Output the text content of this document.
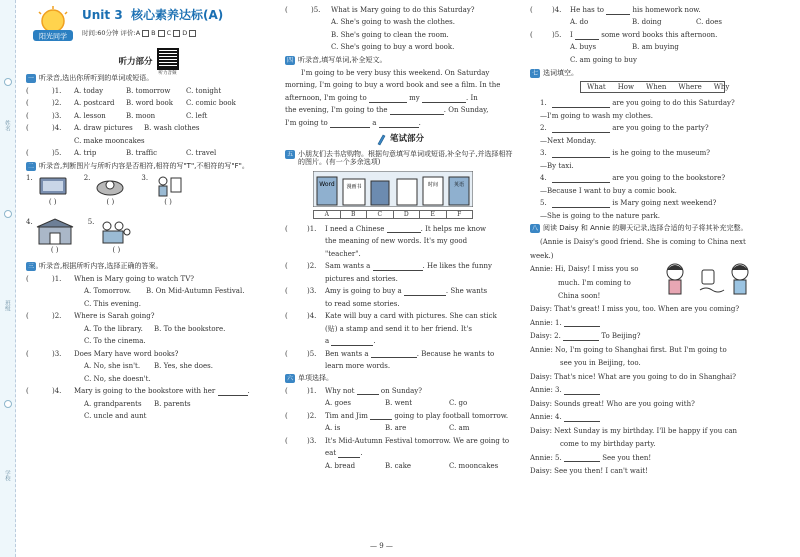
姓名
班级
学校
阳光同学
Unit 3 核心素养达标(A)
时间:60分钟 评价:A B C D
听力部分
听力音频
一 听录音,选出你所听到的单词或短语。
(	)1.	A. today	B. tomorrow	C. tonight
(	)2.	A. postcard	B. word book	C. comic book
(	)3.	A. lesson	B. moon	C. left
(	)4.	A. draw pictures	B. wash clothes
C. make mooncakes
(	)5.	A. trip	B. traffic	C. travel
二 听录音,判断图片与所听内容是否相符,相符的写"T",不相符的写"F"。
1.
( )
2.
( )
3.
( )
4.
( )
5.
( )
三 听录音,根据所听内容,选择正确的答案。
(	)1.	When is Mary going to watch TV?
A. Tomorrow.	B. On Mid-Autumn Festival.
C. This evening.
(	)2.	Where is Sarah going?
A. To the library.	B. To the bookstore.
C. To the cinema.
(	)3.	Does Mary have word books?
A. No, she isn't.	B. Yes, she does.
C. No, she doesn't.
(	)4.	Mary is going to the bookstore with her
	.
A. grandparents	B. parents
C. uncle and aunt
(	)5.	What is Mary going to do this Saturday?
A. She's going to wash the clothes.
B. She's going to clean the room.
C. She's going to buy a word book.
四 听录音,填写单词,补全短文。
I'm going to be very busy this weekend. On Saturday
morning, I'm going to buy a word book and see a film. In the
afternoon, I'm going to

	my
	. In
the evening, I'm going to the
	. On Sunday,
I'm going to

	a
	.
笔试部分
五 小朋友们去书店购物。根据句意填写单词或短语,补全句子,并选择相符的图片。(有一个多余选项)
Word 漫画书	时间	英语
A	B	C	D	E	F
(	)1.	I need a Chinese
	. It helps me know
the meaning of new words. It's my good
"teacher".
(	)2.	Sam wants a
	. He likes the funny
pictures and stories.
(	)3.	Amy is going to buy a
	. She wants
to read some stories.
(	)4.	Kate will buy a card with pictures. She can stick
(贴) a stamp and send it to her friend. It's
a
	.
(	)5.	Ben wants a
	. Because he wants to
learn more words.
六 单项选择。
(	)1.	Why not

	on Sunday?
A. goes	B. went	C. go
(	)2.	Tim and Jim

	going to play football tomorrow.
A. is	B. are	C. am
(	)3.	It's Mid-Autumn Festival tomorrow. We are going to
eat
	.
A. bread	B. cake	C. mooncakes
(	)4.	He has to

	his homework now.
A. do	B. doing	C. does
(	)5.	I

	some word books this afternoon.
A. buys	B. am buying
C. am going to buy
七 选词填空。
What How When Where Why
1.
	are you going to do this Saturday?
—I'm going to wash my clothes.
2.
	are you going to the party?
—Next Monday.
3.
	is he going to the museum?
—By taxi.
4.
	are you going to the bookstore?
—Because I want to buy a comic book.
5.
	is Mary going next weekend?
—She is going to the nature park.
八 阅读 Daisy 和 Annie 的聊天记录,选择合适的句子将其补充完整。
(Annie is Daisy's good friend. She is coming to China next
week.)
Annie: Hi, Daisy! I miss you so
much. I'm coming to
China soon!
Daisy: That's great! I miss you, too. When are you coming?
Annie: 1.

Daisy: 2.

	To Beijing?
Annie: No, I'm going to Shanghai first. But I'm going to
see you in Beijing, too.
Daisy: That's nice! What are you going to do in Shanghai?
Annie: 3.

Daisy: Sounds great! Who are you going with?
Annie: 4.

Daisy: Next Sunday is my birthday. I'll be happy if you can
come to my birthday party.
Annie: 5.

	See you then!
Daisy: See you then! I can't wait!
— 9 —
